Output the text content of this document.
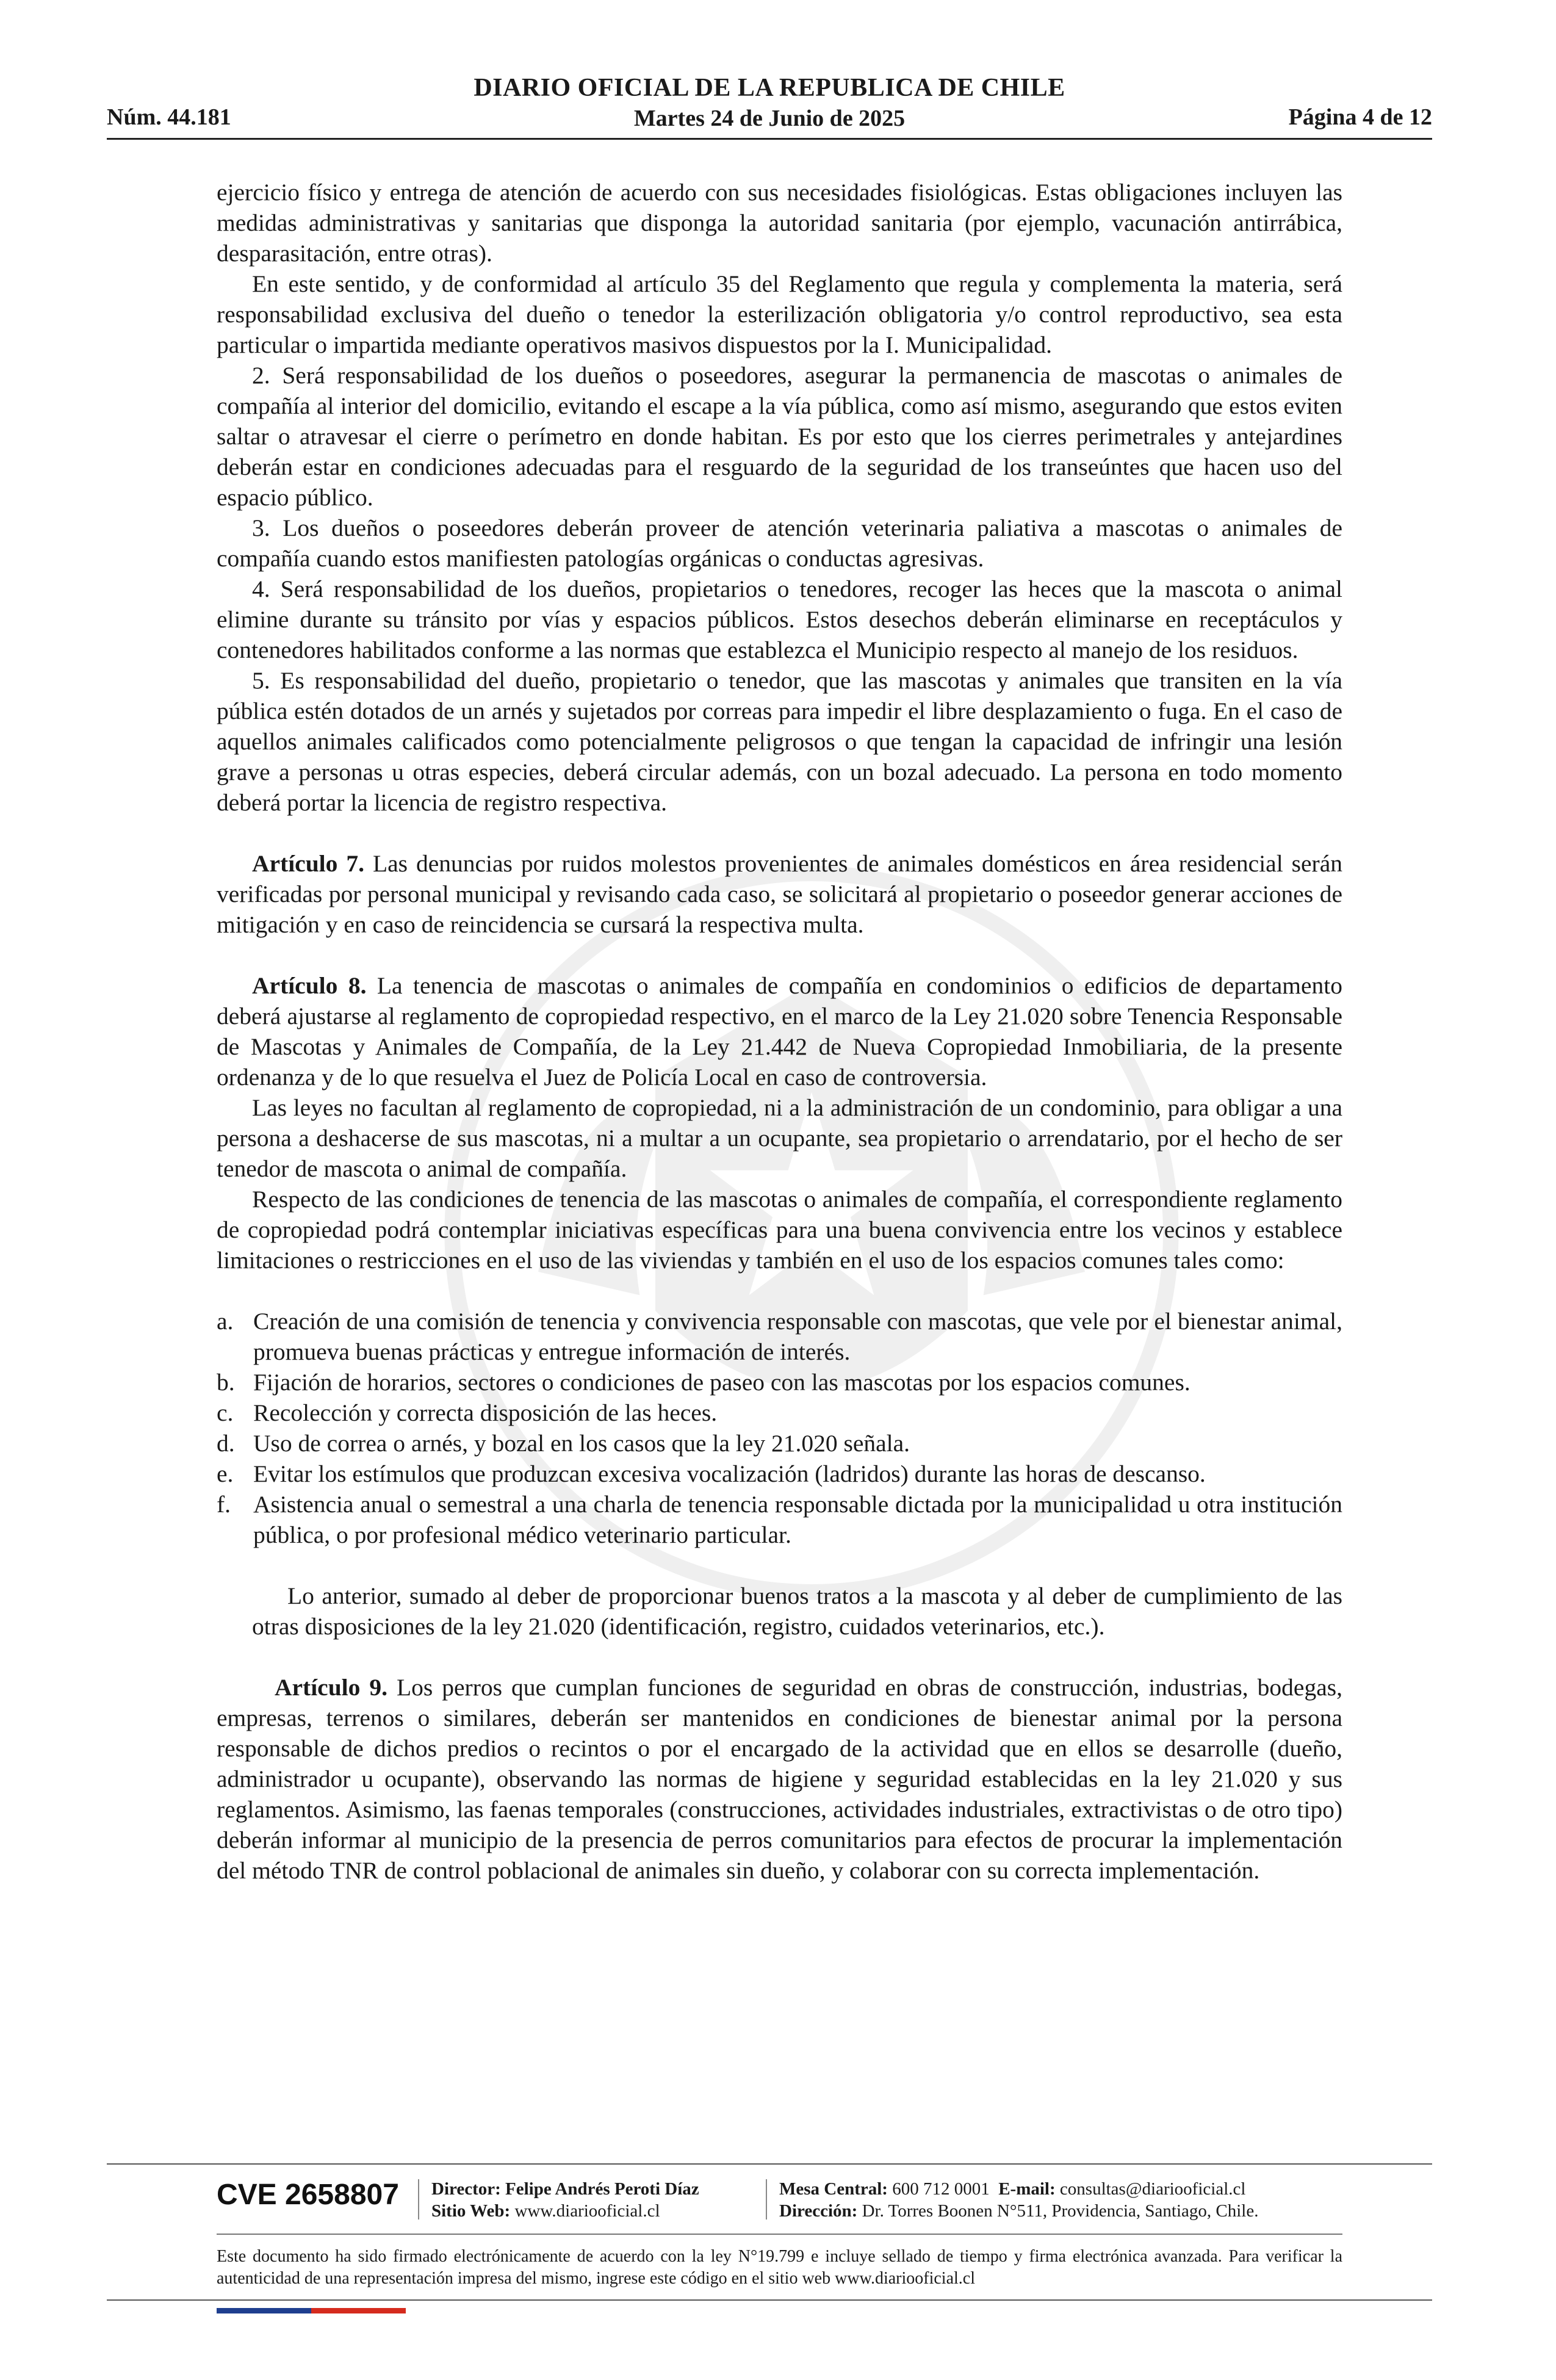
Núm. 44.181
DIARIO OFICIAL DE LA REPUBLICA DE CHILE
Martes 24 de Junio de 2025	Página 4 de 12

ejercicio físico y entrega de atención de acuerdo con sus necesidades fisiológicas. Estas obligaciones incluyen las medidas administrativas y sanitarias que disponga la autoridad sanitaria (por ejemplo, vacunación antirrábica, desparasitación, entre otras).

En este sentido, y de conformidad al artículo 35 del Reglamento que regula y complementa la materia, será responsabilidad exclusiva del dueño o tenedor la esterilización obligatoria y/o control reproductivo, sea esta particular o impartida mediante operativos masivos dispuestos por la I. Municipalidad.

2. Será responsabilidad de los dueños o poseedores, asegurar la permanencia de mascotas o animales de compañía al interior del domicilio, evitando el escape a la vía pública, como así mismo, asegurando que estos eviten saltar o atravesar el cierre o perímetro en donde habitan. Es por esto que los cierres perimetrales y antejardines deberán estar en condiciones adecuadas para el resguardo de la seguridad de los transeúntes que hacen uso del espacio público.

3. Los dueños o poseedores deberán proveer de atención veterinaria paliativa a mascotas o animales de compañía cuando estos manifiesten patologías orgánicas o conductas agresivas.

4. Será responsabilidad de los dueños, propietarios o tenedores, recoger las heces que la mascota o animal elimine durante su tránsito por vías y espacios públicos. Estos desechos deberán eliminarse en receptáculos y contenedores habilitados conforme a las normas que establezca el Municipio respecto al manejo de los residuos.

5. Es responsabilidad del dueño, propietario o tenedor, que las mascotas y animales que transiten en la vía pública estén dotados de un arnés y sujetados por correas para impedir el libre desplazamiento o fuga. En el caso de aquellos animales calificados como potencialmente peligrosos o que tengan la capacidad de infringir una lesión grave a personas u otras especies, deberá circular además, con un bozal adecuado. La persona en todo momento deberá portar la licencia de registro respectiva.

Artículo 7. Las denuncias por ruidos molestos provenientes de animales domésticos en área residencial serán verificadas por personal municipal y revisando cada caso, se solicitará al propietario o poseedor generar acciones de mitigación y en caso de reincidencia se cursará la respectiva multa.

Artículo 8. La tenencia de mascotas o animales de compañía en condominios o edificios de departamento deberá ajustarse al reglamento de copropiedad respectivo, en el marco de la Ley 21.020 sobre Tenencia Responsable de Mascotas y Animales de Compañía, de la Ley 21.442 de Nueva Copropiedad Inmobiliaria, de la presente ordenanza y de lo que resuelva el Juez de Policía Local en caso de controversia.

Las leyes no facultan al reglamento de copropiedad, ni a la administración de un condominio, para obligar a una persona a deshacerse de sus mascotas, ni a multar a un ocupante, sea propietario o arrendatario, por el hecho de ser tenedor de mascota o animal de compañía.

Respecto de las condiciones de tenencia de las mascotas o animales de compañía, el correspondiente reglamento de copropiedad podrá contemplar iniciativas específicas para una buena convivencia entre los vecinos y establece limitaciones o restricciones en el uso de las viviendas y también en el uso de los espacios comunes tales como:

a. Creación de una comisión de tenencia y convivencia responsable con mascotas, que vele por el bienestar animal, promueva buenas prácticas y entregue información de interés.
b. Fijación de horarios, sectores o condiciones de paseo con las mascotas por los espacios comunes.
c. Recolección y correcta disposición de las heces.
d. Uso de correa o arnés, y bozal en los casos que la ley 21.020 señala.
e. Evitar los estímulos que produzcan excesiva vocalización (ladridos) durante las horas de descanso.
f. Asistencia anual o semestral a una charla de tenencia responsable dictada por la municipalidad u otra institución pública, o por profesional médico veterinario particular.

Lo anterior, sumado al deber de proporcionar buenos tratos a la mascota y al deber de cumplimiento de las otras disposiciones de la ley 21.020 (identificación, registro, cuidados veterinarios, etc.).

Artículo 9. Los perros que cumplan funciones de seguridad en obras de construcción, industrias, bodegas, empresas, terrenos o similares, deberán ser mantenidos en condiciones de bienestar animal por la persona responsable de dichos predios o recintos o por el encargado de la actividad que en ellos se desarrolle (dueño, administrador u ocupante), observando las normas de higiene y seguridad establecidas en la ley 21.020 y sus reglamentos. Asimismo, las faenas temporales (construcciones, actividades industriales, extractivistas o de otro tipo) deberán informar al municipio de la presencia de perros comunitarios para efectos de procurar la implementación del método TNR de control poblacional de animales sin dueño, y colaborar con su correcta implementación.

CVE 2658807 Director: Felipe Andrés Peroti Díaz
Sitio Web: www.diariooficial.cl
Mesa Central: 600 712 0001 E-mail: consultas@diariooficial.cl
Dirección: Dr. Torres Boonen N°511, Providencia, Santiago, Chile.
Este documento ha sido firmado electrónicamente de acuerdo con la ley N°19.799 e incluye sellado de tiempo y firma electrónica avanzada. Para verificar la autenticidad de una representación impresa del mismo, ingrese este código en el sitio web www.diariooficial.cl
